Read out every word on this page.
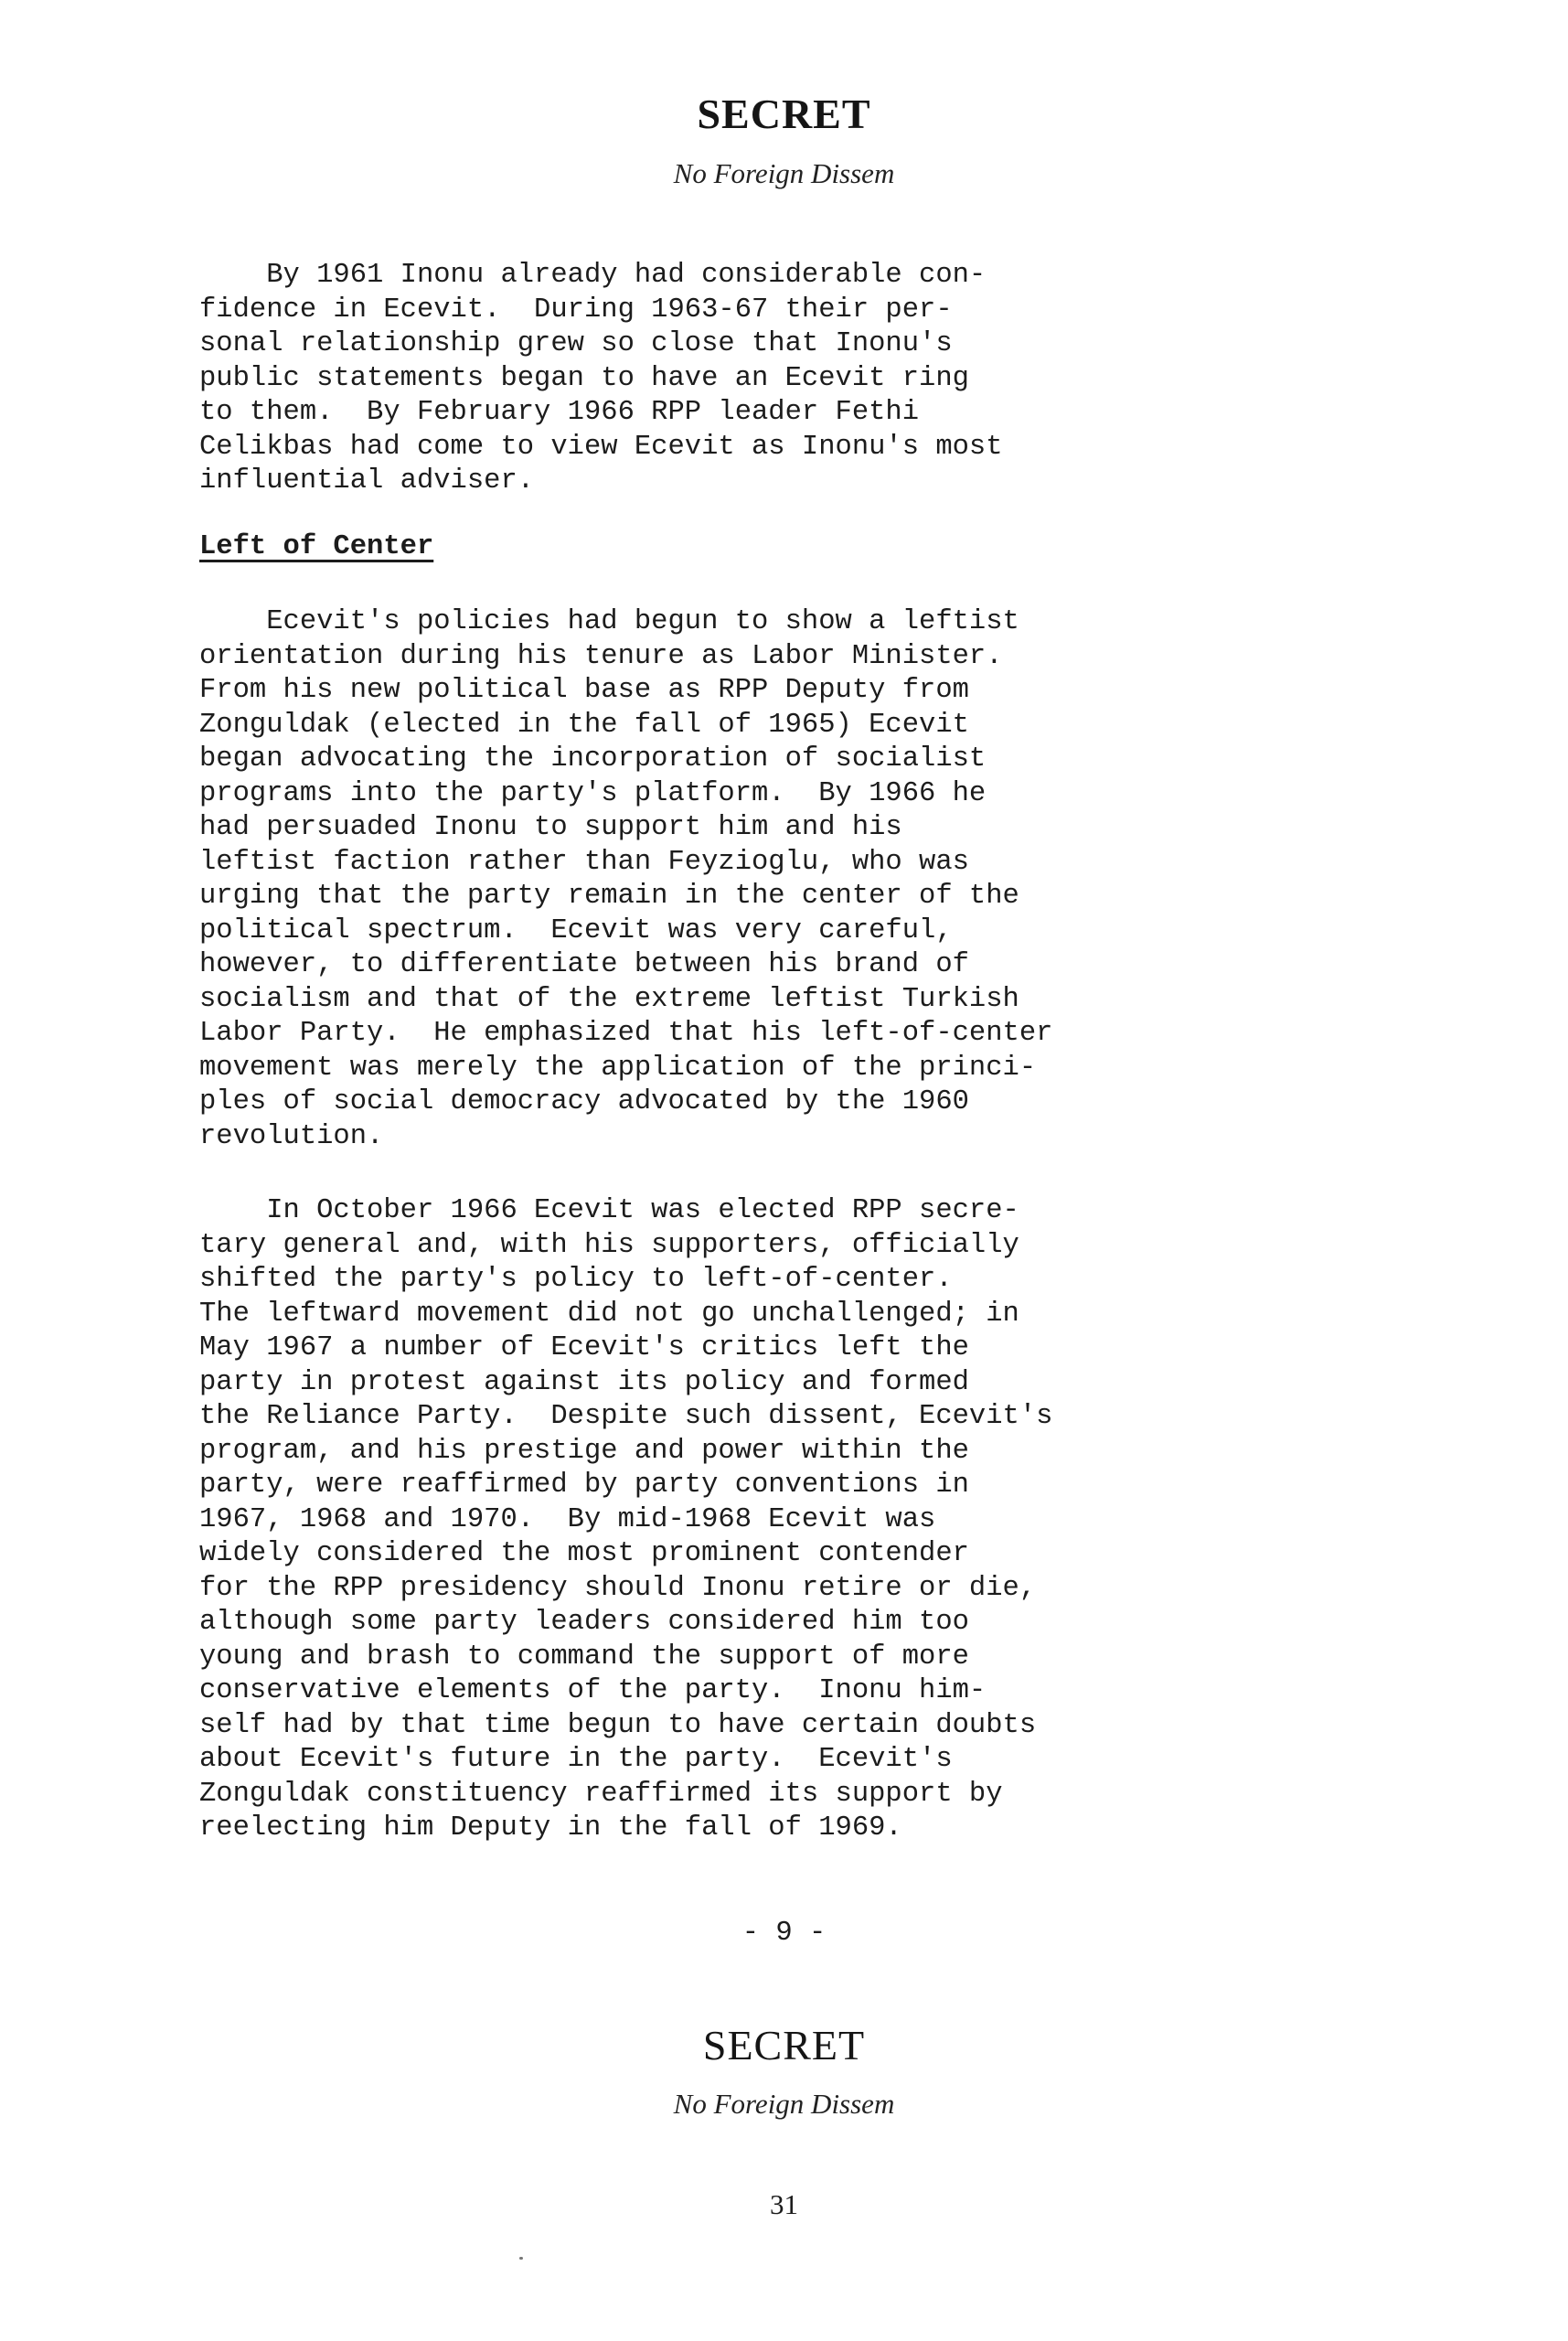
SECRET

No Foreign Dissem

By 1961 Inonu already had considerable con-
fidence in Ecevit.  During 1963-67 their per-
sonal relationship grew so close that Inonu's
public statements began to have an Ecevit ring
to them.  By February 1966 RPP leader Fethi
Celikbas had come to view Ecevit as Inonu's most
influential adviser.

Left of Center

Ecevit's policies had begun to show a leftist
orientation during his tenure as Labor Minister.
From his new political base as RPP Deputy from
Zonguldak (elected in the fall of 1965) Ecevit
began advocating the incorporation of socialist
programs into the party's platform.  By 1966 he
had persuaded Inonu to support him and his
leftist faction rather than Feyzioglu, who was
urging that the party remain in the center of the
political spectrum.  Ecevit was very careful,
however, to differentiate between his brand of
socialism and that of the extreme leftist Turkish
Labor Party.  He emphasized that his left-of-center
movement was merely the application of the princi-
ples of social democracy advocated by the 1960
revolution.

In October 1966 Ecevit was elected RPP secre-
tary general and, with his supporters, officially
shifted the party's policy to left-of-center.
The leftward movement did not go unchallenged; in
May 1967 a number of Ecevit's critics left the
party in protest against its policy and formed
the Reliance Party.  Despite such dissent, Ecevit's
program, and his prestige and power within the
party, were reaffirmed by party conventions in
1967, 1968 and 1970.  By mid-1968 Ecevit was
widely considered the most prominent contender
for the RPP presidency should Inonu retire or die,
although some party leaders considered him too
young and brash to command the support of more
conservative elements of the party.  Inonu him-
self had by that time begun to have certain doubts
about Ecevit's future in the party.  Ecevit's
Zonguldak constituency reaffirmed its support by
reelecting him Deputy in the fall of 1969.

- 9 -

SECRET

No Foreign Dissem

31
